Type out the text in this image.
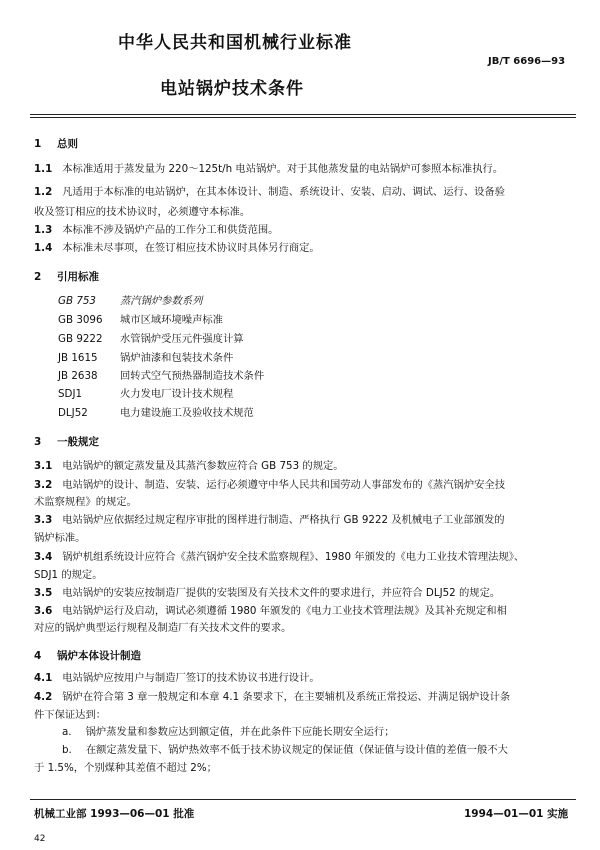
中华人民共和国机械行业标准
JB/T 6696—93
电站锅炉技术条件
1 总则
1.1 本标准适用于蒸发量为 220～125t/h 电站锅炉。对于其他蒸发量的电站锅炉可参照本标准执行。
1.2 凡适用于本标准的电站锅炉，在其本体设计、制造、系统设计、安装、启动、调试、运行、设备验
收及签订相应的技术协议时，必须遵守本标准。
1.3 本标准不涉及锅炉产品的工作分工和供货范围。
1.4 本标准未尽事项，在签订相应技术协议时具体另行商定。
2 引用标准
GB 753 蒸汽锅炉参数系列
GB 3096 城市区域环境噪声标准
GB 9222 水管锅炉受压元件强度计算
JB 1615 锅炉油漆和包装技术条件
JB 2638 回转式空气预热器制造技术条件
SDJ1	火力发电厂设计技术规程
DLJ52	电力建设施工及验收技术规范
3 一般规定
3.1 电站锅炉的额定蒸发量及其蒸汽参数应符合 GB 753 的规定。
3.2 电站锅炉的设计、制造、安装、运行必须遵守中华人民共和国劳动人事部发布的《蒸汽锅炉安全技
术监察规程》的规定。
3.3 电站锅炉应依据经过规定程序审批的图样进行制造、严格执行 GB 9222 及机械电子工业部颁发的
锅炉标准。
3.4 锅炉机组系统设计应符合《蒸汽锅炉安全技术监察规程》、1980 年颁发的《电力工业技术管理法规》、
SDJ1 的规定。
3.5 电站锅炉的安装应按制造厂提供的安装图及有关技术文件的要求进行，并应符合 DLJ52 的规定。
3.6 电站锅炉运行及启动，调试必须遵循 1980 年颁发的《电力工业技术管理法规》及其补充规定和相
对应的锅炉典型运行规程及制造厂有关技术文件的要求。
4 锅炉本体设计制造
4.1 电站锅炉应按用户与制造厂签订的技术协议书进行设计。
4.2 锅炉在符合第 3 章一般规定和本章 4.1 条要求下，在主要辅机及系统正常投运、并满足锅炉设计条
件下保证达到：
a. 锅炉蒸发量和参数应达到额定值，并在此条件下应能长期安全运行；
b. 在额定蒸发量下、锅炉热效率不低于技术协议规定的保证值（保证值与设计值的差值一般不大
于 1.5%，个别煤种其差值不超过 2%；
机械工业部 1993—06—01 批准	1994—01—01 实施
42
